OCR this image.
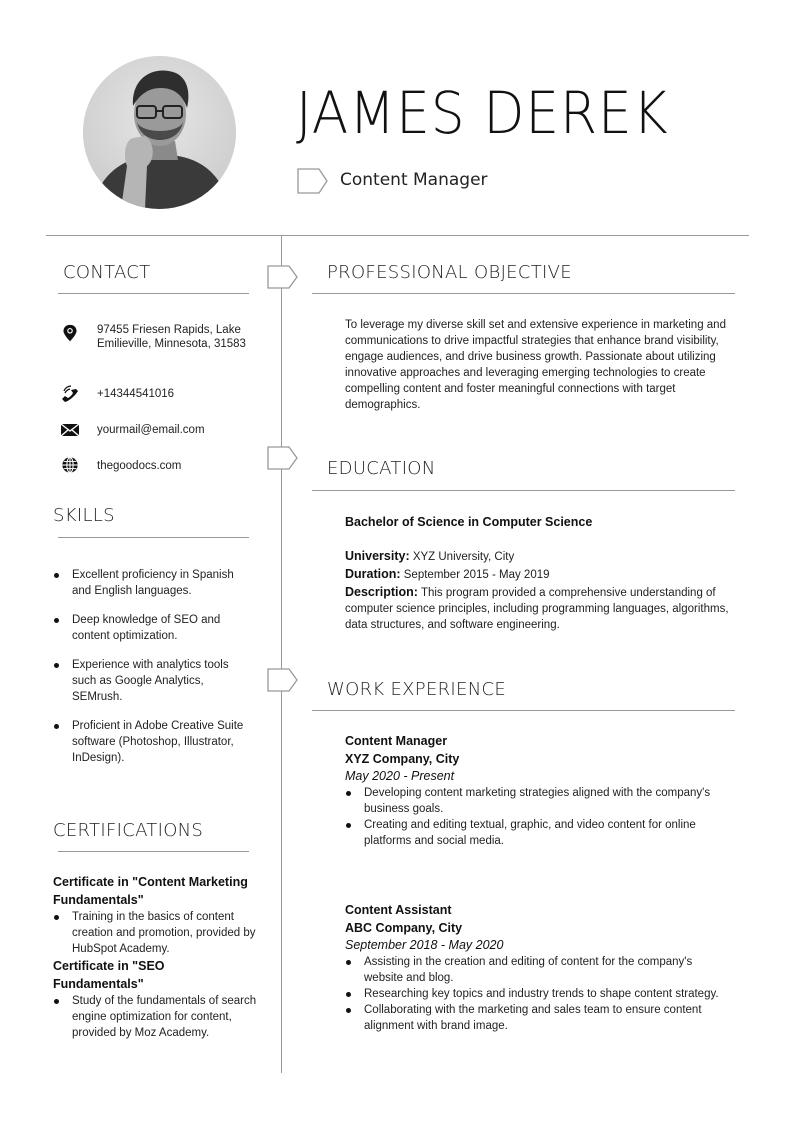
JAMES DEREK
Content Manager
CONTACT
97455 Friesen Rapids, Lake Emilieville, Minnesota, 31583
+14344541016
yourmail@email.com
thegoodocs.com
SKILLS
Excellent proficiency in Spanish and English languages.
Deep knowledge of SEO and content optimization.
Experience with analytics tools such as Google Analytics, SEMrush.
Proficient in Adobe Creative Suite software (Photoshop, Illustrator, InDesign).
CERTIFICATIONS
Certificate in "Content Marketing Fundamentals"
Training in the basics of content creation and promotion, provided by HubSpot Academy.
Certificate in "SEO Fundamentals"
Study of the fundamentals of search engine optimization for content, provided by Moz Academy.
PROFESSIONAL OBJECTIVE
To leverage my diverse skill set and extensive experience in marketing and communications to drive impactful strategies that enhance brand visibility, engage audiences, and drive business growth. Passionate about utilizing innovative approaches and leveraging emerging technologies to create compelling content and foster meaningful connections with target demographics.
EDUCATION
Bachelor of Science in Computer Science
University: XYZ University, City
Duration: September 2015 - May 2019
Description: This program provided a comprehensive understanding of computer science principles, including programming languages, algorithms, data structures, and software engineering.
WORK EXPERIENCE
Content Manager
XYZ Company, City
May 2020 - Present
Developing content marketing strategies aligned with the company's business goals.
Creating and editing textual, graphic, and video content for online platforms and social media.
Content Assistant
ABC Company, City
September 2018 - May 2020
Assisting in the creation and editing of content for the company's website and blog.
Researching key topics and industry trends to shape content strategy.
Collaborating with the marketing and sales team to ensure content alignment with brand image.
